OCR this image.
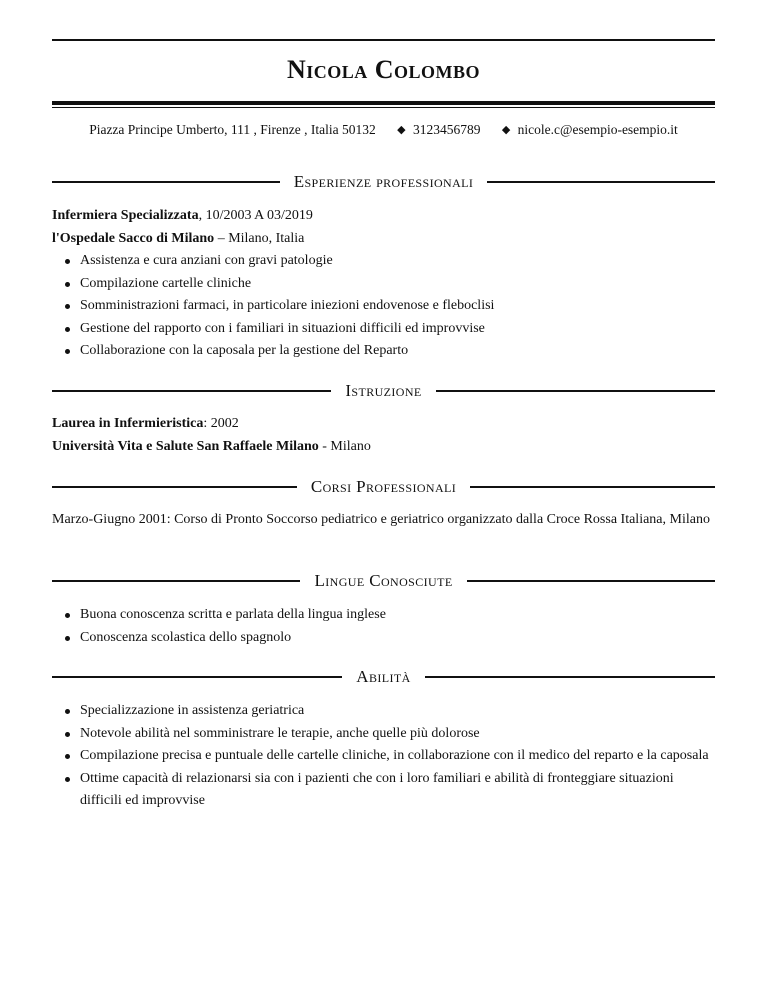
Nicola Colombo
Piazza Principe Umberto, 111 , Firenze , Italia 50132 ◆ 3123456789 ◆ nicole.c@esempio-esempio.it
Esperienze professionali

Infermiera Specializzata, 10/2003 A 03/2019

l'Ospedale Sacco di Milano – Milano, Italia

Assistenza e cura anziani con gravi patologie
Compilazione cartelle cliniche
Somministrazioni farmaci, in particolare iniezioni endovenose e fleboclisi
Gestione del rapporto con i familiari in situazioni difficili ed improvvise
Collaborazione con la caposala per la gestione del Reparto
Istruzione

Laurea in Infermieristica: 2002

Università Vita e Salute San Raffaele Milano - Milano

Corsi Professionali

Marzo-Giugno 2001: Corso di Pronto Soccorso pediatrico e geriatrico organizzato dalla Croce Rossa Italiana, Milano

Lingue Conosciute
Buona conoscenza scritta e parlata della lingua inglese
Conoscenza scolastica dello spagnolo
Abilità
Specializzazione in assistenza geriatrica
Notevole abilità nel somministrare le terapie, anche quelle più dolorose
Compilazione precisa e puntuale delle cartelle cliniche, in collaborazione con il medico del reparto e la caposala
Ottime capacità di relazionarsi sia con i pazienti che con i loro familiari e abilità di fronteggiare situazioni difficili ed improvvise
